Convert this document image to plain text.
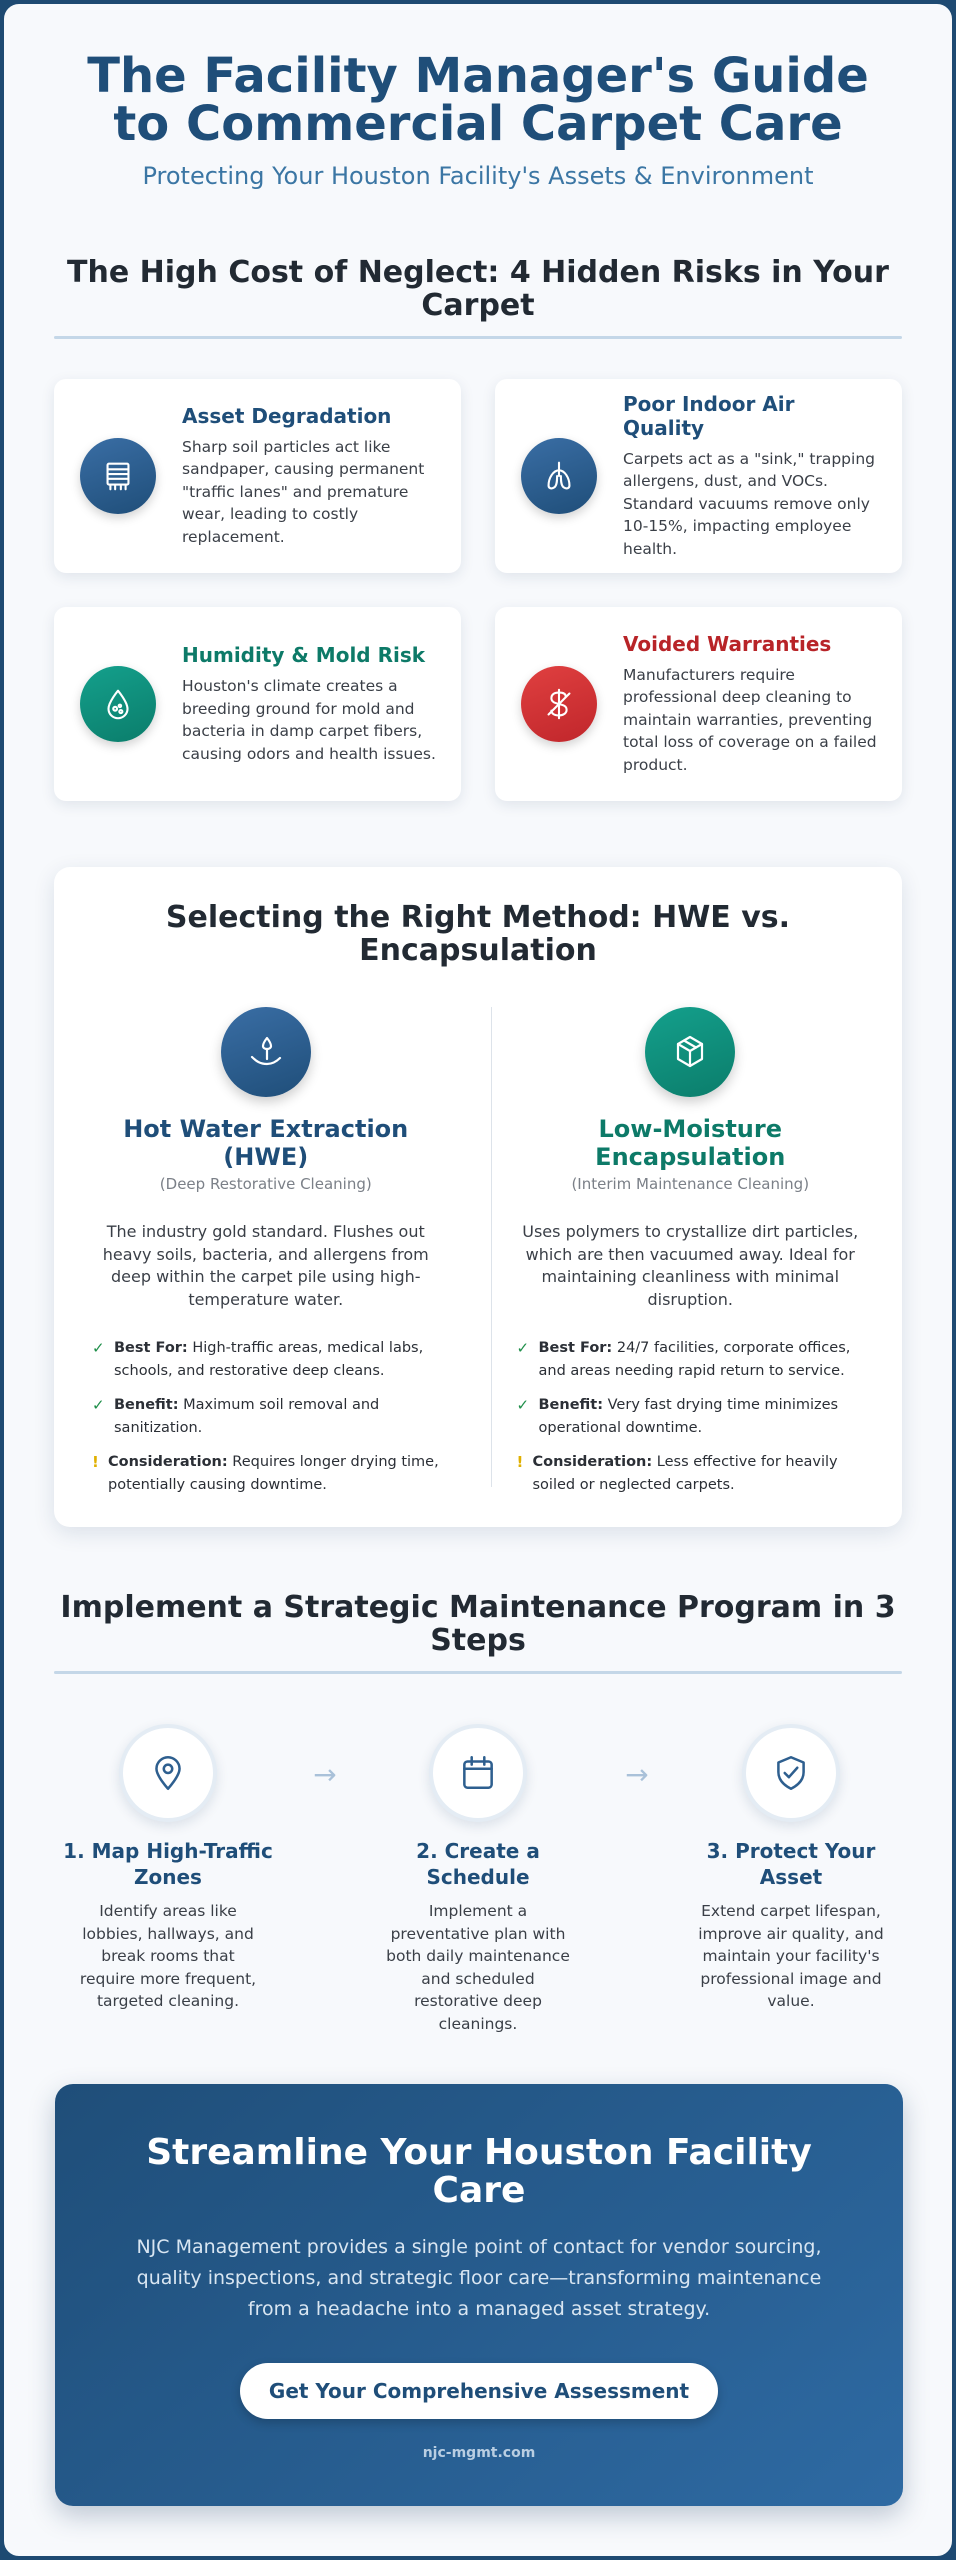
The Facility Manager's Guide to Commercial Carpet Care
Protecting Your Houston Facility's Assets & Environment
The High Cost of Neglect: 4 Hidden Risks in Your Carpet
Asset Degradation
Sharp soil particles act like sandpaper, causing permanent "traffic lanes" and premature wear, leading to costly replacement.
Poor Indoor Air Quality
Carpets act as a "sink," trapping allergens, dust, and VOCs. Standard vacuums remove only 10-15%, impacting employee health.
Humidity & Mold Risk
Houston's climate creates a breeding ground for mold and bacteria in damp carpet fibers, causing odors and health issues.
Voided Warranties
Manufacturers require professional deep cleaning to maintain warranties, preventing total loss of coverage on a failed product.
Selecting the Right Method: HWE vs. Encapsulation
Hot Water Extraction (HWE)
(Deep Restorative Cleaning)
The industry gold standard. Flushes out heavy soils, bacteria, and allergens from deep within the carpet pile using high-temperature water.
✓ Best For: High-traffic areas, medical labs, schools, and restorative deep cleans.
✓ Benefit: Maximum soil removal and sanitization.
! Consideration: Requires longer drying time, potentially causing downtime.
Low-Moisture Encapsulation
(Interim Maintenance Cleaning)
Uses polymers to crystallize dirt particles, which are then vacuumed away. Ideal for maintaining cleanliness with minimal disruption.
✓ Best For: 24/7 facilities, corporate offices, and areas needing rapid return to service.
✓ Benefit: Very fast drying time minimizes operational downtime.
! Consideration: Less effective for heavily soiled or neglected carpets.
Implement a Strategic Maintenance Program in 3 Steps
1. Map High-Traffic Zones
Identify areas like lobbies, hallways, and break rooms that require more frequent, targeted cleaning.
→
2. Create a Schedule
Implement a preventative plan with both daily maintenance and scheduled restorative deep cleanings.
→
3. Protect Your Asset
Extend carpet lifespan, improve air quality, and maintain your facility's professional image and value.
Streamline Your Houston Facility Care
NJC Management provides a single point of contact for vendor sourcing, quality inspections, and strategic floor care—transforming maintenance from a headache into a managed asset strategy.
Get Your Comprehensive Assessment
njc-mgmt.com
